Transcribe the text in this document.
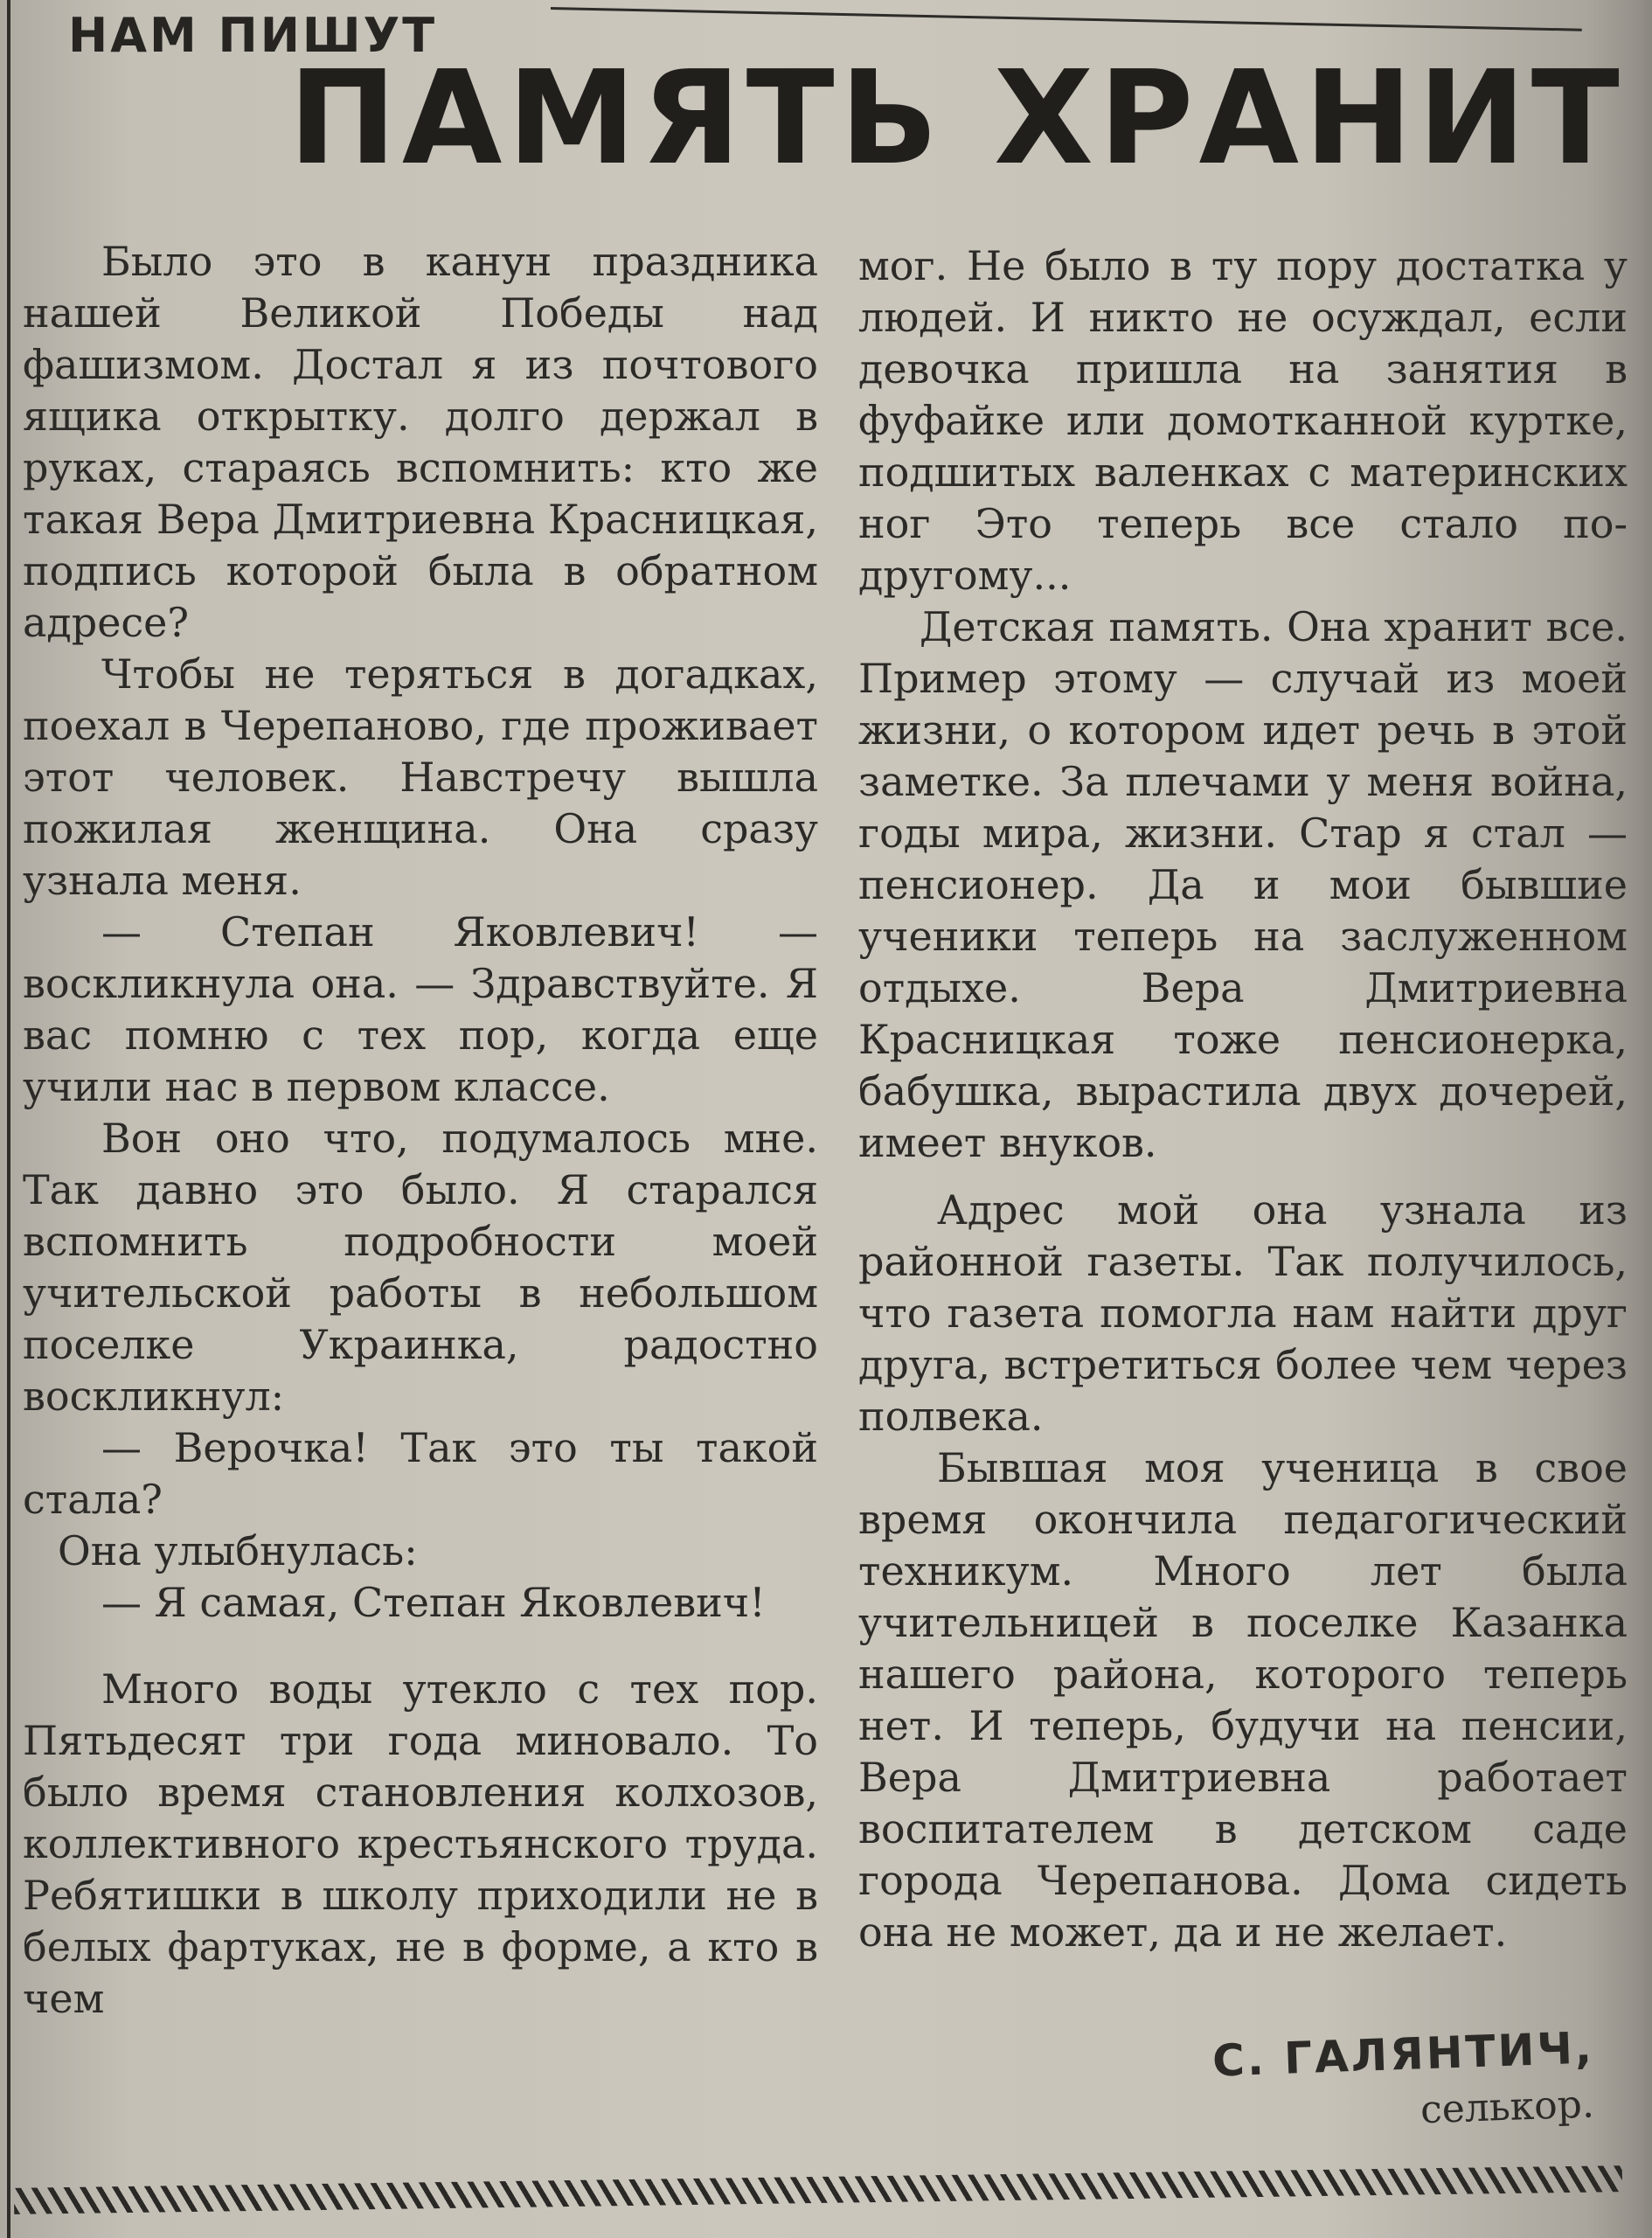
НАМ ПИШУТ
ПАМЯТЬ ХРАНИТ

Было это в канун праздника нашей Великой Победы над фашизмом. Достал я из почтового ящика открытку. долго держал в руках, стараясь вспомнить: кто же такая Вера Дмитриевна Красницкая, подпись которой была в обратном адресе?

Чтобы не теряться в догадках, поехал в Черепаново, где проживает этот человек. Навстречу вышла пожилая женщина. Она сразу узнала меня.

— Степан Яковлевич! — воскликнула она. — Здравствуйте. Я вас помню с тех пор, когда еще учили нас в первом классе.

Вон оно что, подумалось мне. Так давно это было. Я старался вспомнить подробности моей учительской работы в небольшом поселке Украинка, радостно воскликнул:

— Верочка! Так это ты такой стала?

Она улыбнулась:

— Я самая, Степан Яковлевич!

Много воды утекло с тех пор. Пятьдесят три года миновало. То было время становления колхозов, коллективного крестьянского труда. Ребятишки в школу приходили не в белых фартуках, не в форме, а кто в чем

мог. Не было в ту пору достатка у людей. И никто не осуждал, если девочка пришла на занятия в фуфайке или домотканной куртке, подшитых валенках с материнских ног Это теперь все стало по-другому...

Детская память. Она хранит все. Пример этому — случай из моей жизни, о котором идет речь в этой заметке. За плечами у меня война, годы мира, жизни. Стар я стал — пенсионер. Да и мои бывшие ученики теперь на заслуженном отдыхе. Вера Дмитриевна Красницкая тоже пенсионерка, бабушка, вырастила двух дочерей, имеет внуков.

Адрес мой она узнала из районной газеты. Так получилось, что газета помогла нам найти друг друга, встретиться более чем через полвека.

Бывшая моя ученица в свое время окончила педагогический техникум. Много лет была учительницей в поселке Казанка нашего района, которого теперь нет. И теперь, будучи на пенсии, Вера Дмитриевна работает воспитателем в детском саде города Черепанова. Дома сидеть она не может, да и не желает.

С. ГАЛЯНТИЧ,
селькор.
